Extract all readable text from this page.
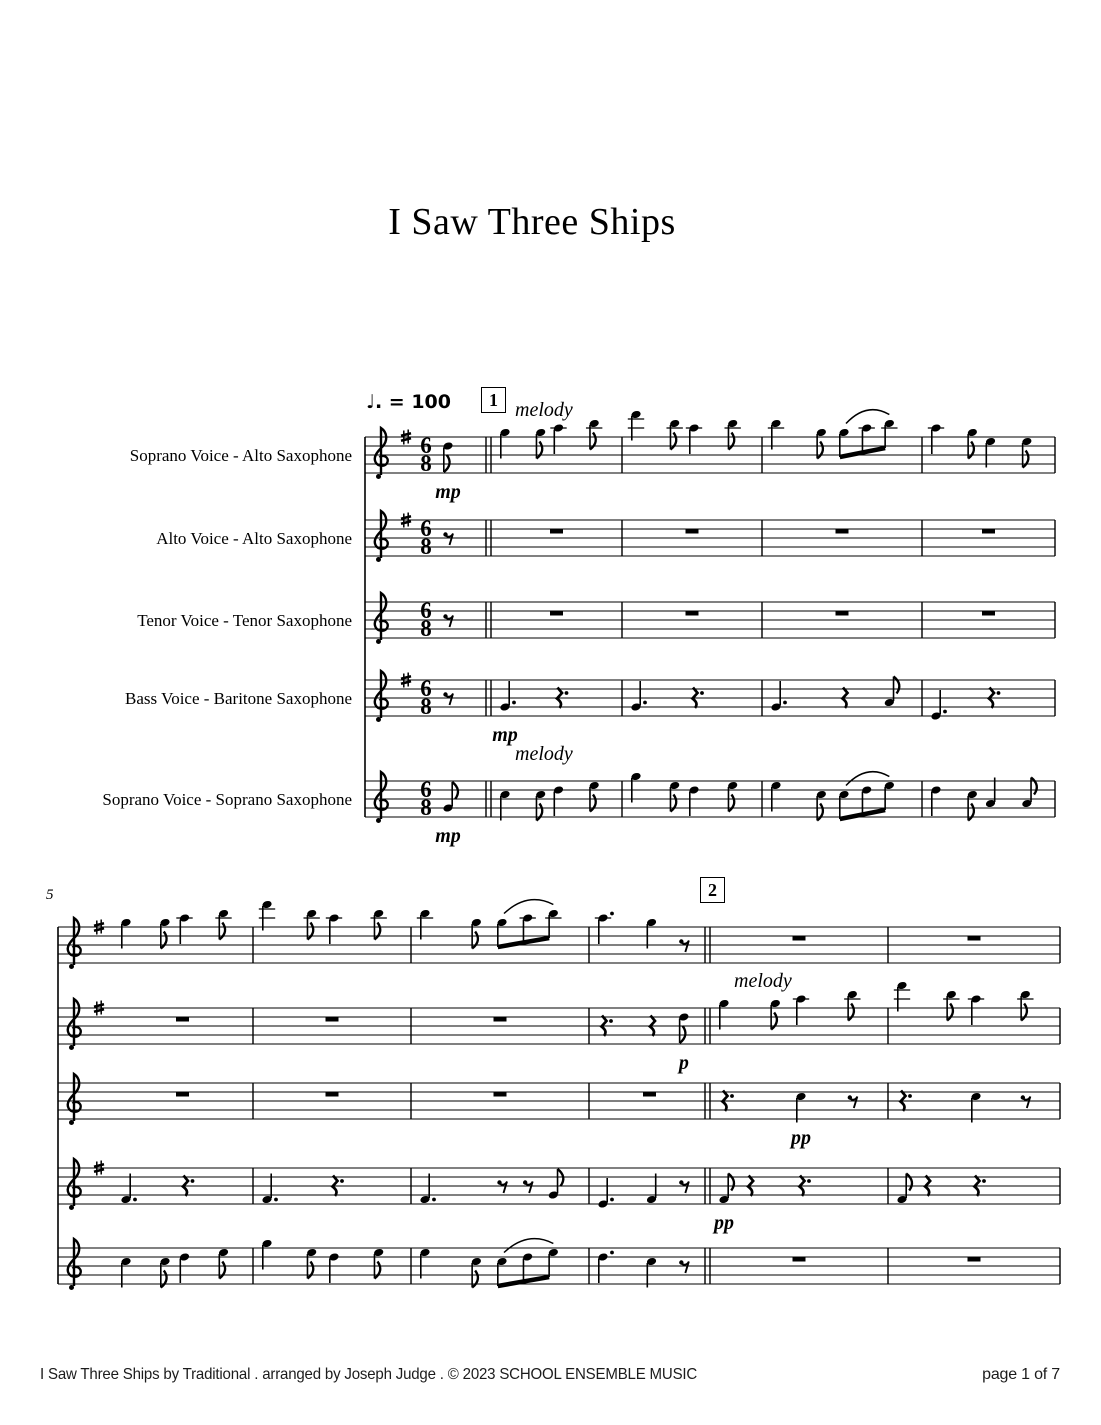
I Saw Three Ships
♩. = 100
Soprano Voice - Alto Saxophone
Alto Voice - Alto Saxophone
Tenor Voice - Tenor Saxophone
Bass Voice - Baritone Saxophone
Soprano Voice - Soprano Saxophone
6
8
6
8
6
8
6
8
6
8
1 melody
melody
mp
mp
mp
2
melody
p
pp
pp
5
I Saw Three Ships by Traditional . arranged by Joseph Judge . © 2023 SCHOOL ENSEMBLE MUSIC	page 1 of 7
